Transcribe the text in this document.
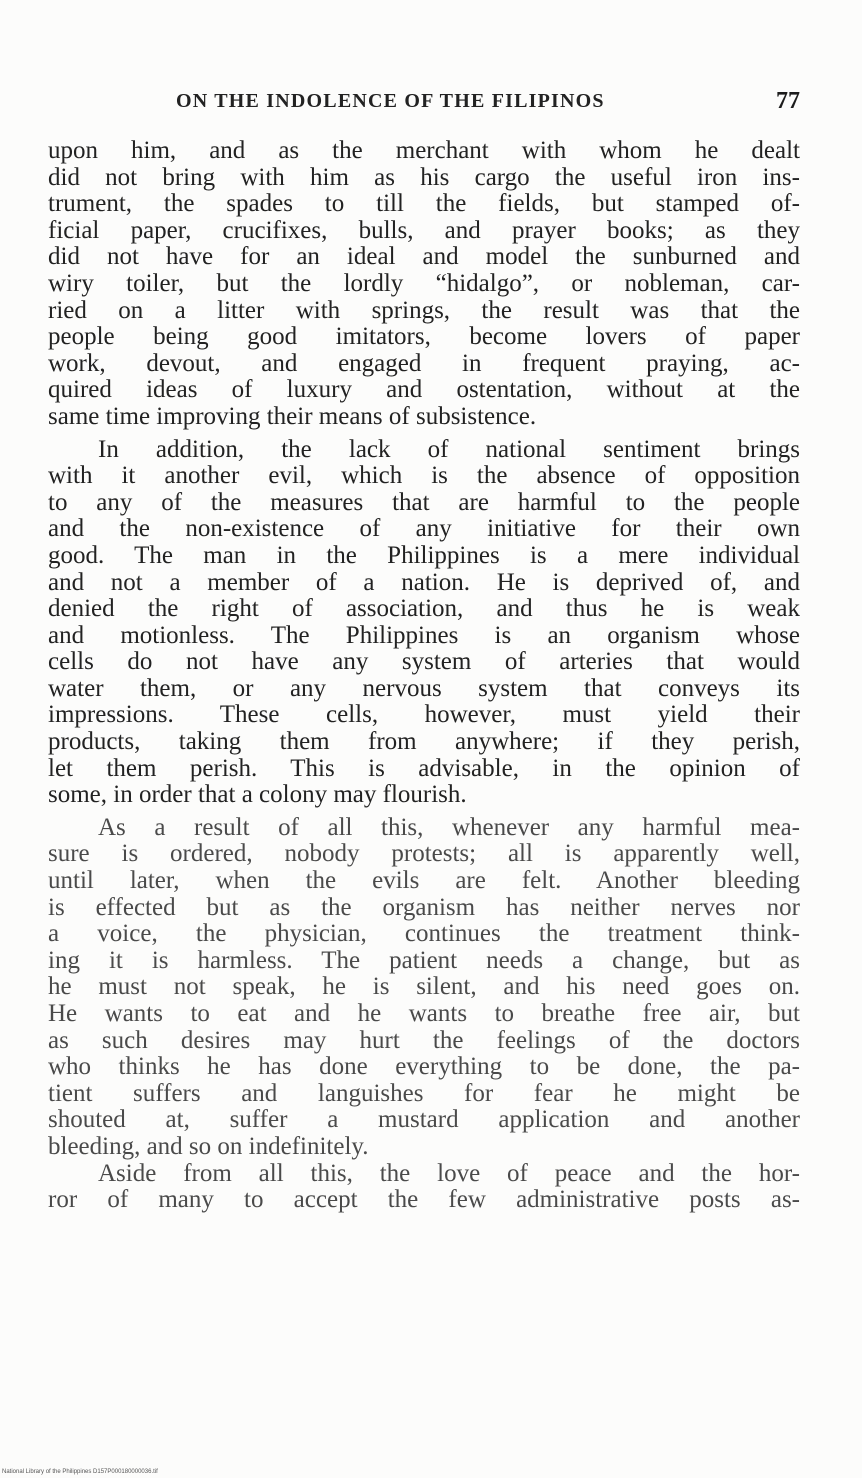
ON THE INDOLENCE OF THE FILIPINOS	77
upon him, and as the merchant with whom he dealt
did not bring with him as his cargo the useful iron ins-
trument, the spades to till the fields, but stamped of-
ficial paper, crucifixes, bulls, and prayer books; as they
did not have for an ideal and model the sunburned and
wiry toiler, but the lordly “hidalgo”, or nobleman, car-
ried on a litter with springs, the result was that the
people being good imitators, become lovers of paper
work, devout, and engaged in frequent praying, ac-
quired ideas of luxury and ostentation, without at the
same time improving their means of subsistence.
In addition, the lack of national sentiment brings
with it another evil, which is the absence of opposition
to any of the measures that are harmful to the people
and the non-existence of any initiative for their own
good. The man in the Philippines is a mere individual
and not a member of a nation. He is deprived of, and
denied the right of association, and thus he is weak
and motionless. The Philippines is an organism whose
cells do not have any system of arteries that would
water them, or any nervous system that conveys its
impressions. These cells, however, must yield their
products, taking them from anywhere; if they perish,
let them perish. This is advisable, in the opinion of
some, in order that a colony may flourish.
As a result of all this, whenever any harmful mea-
sure is ordered, nobody protests; all is apparently well,
until later, when the evils are felt. Another bleeding
is effected but as the organism has neither nerves nor
a voice, the physician, continues the treatment think-
ing it is harmless. The patient needs a change, but as
he must not speak, he is silent, and his need goes on.
He wants to eat and he wants to breathe free air, but
as such desires may hurt the feelings of the doctors
who thinks he has done everything to be done, the pa-
tient suffers and languishes for fear he might be
shouted at, suffer a mustard application and another
bleeding, and so on indefinitely.
Aside from all this, the love of peace and the hor-
ror of many to accept the few administrative posts as-
National Library of the Philippines D157P000180000036.tif
